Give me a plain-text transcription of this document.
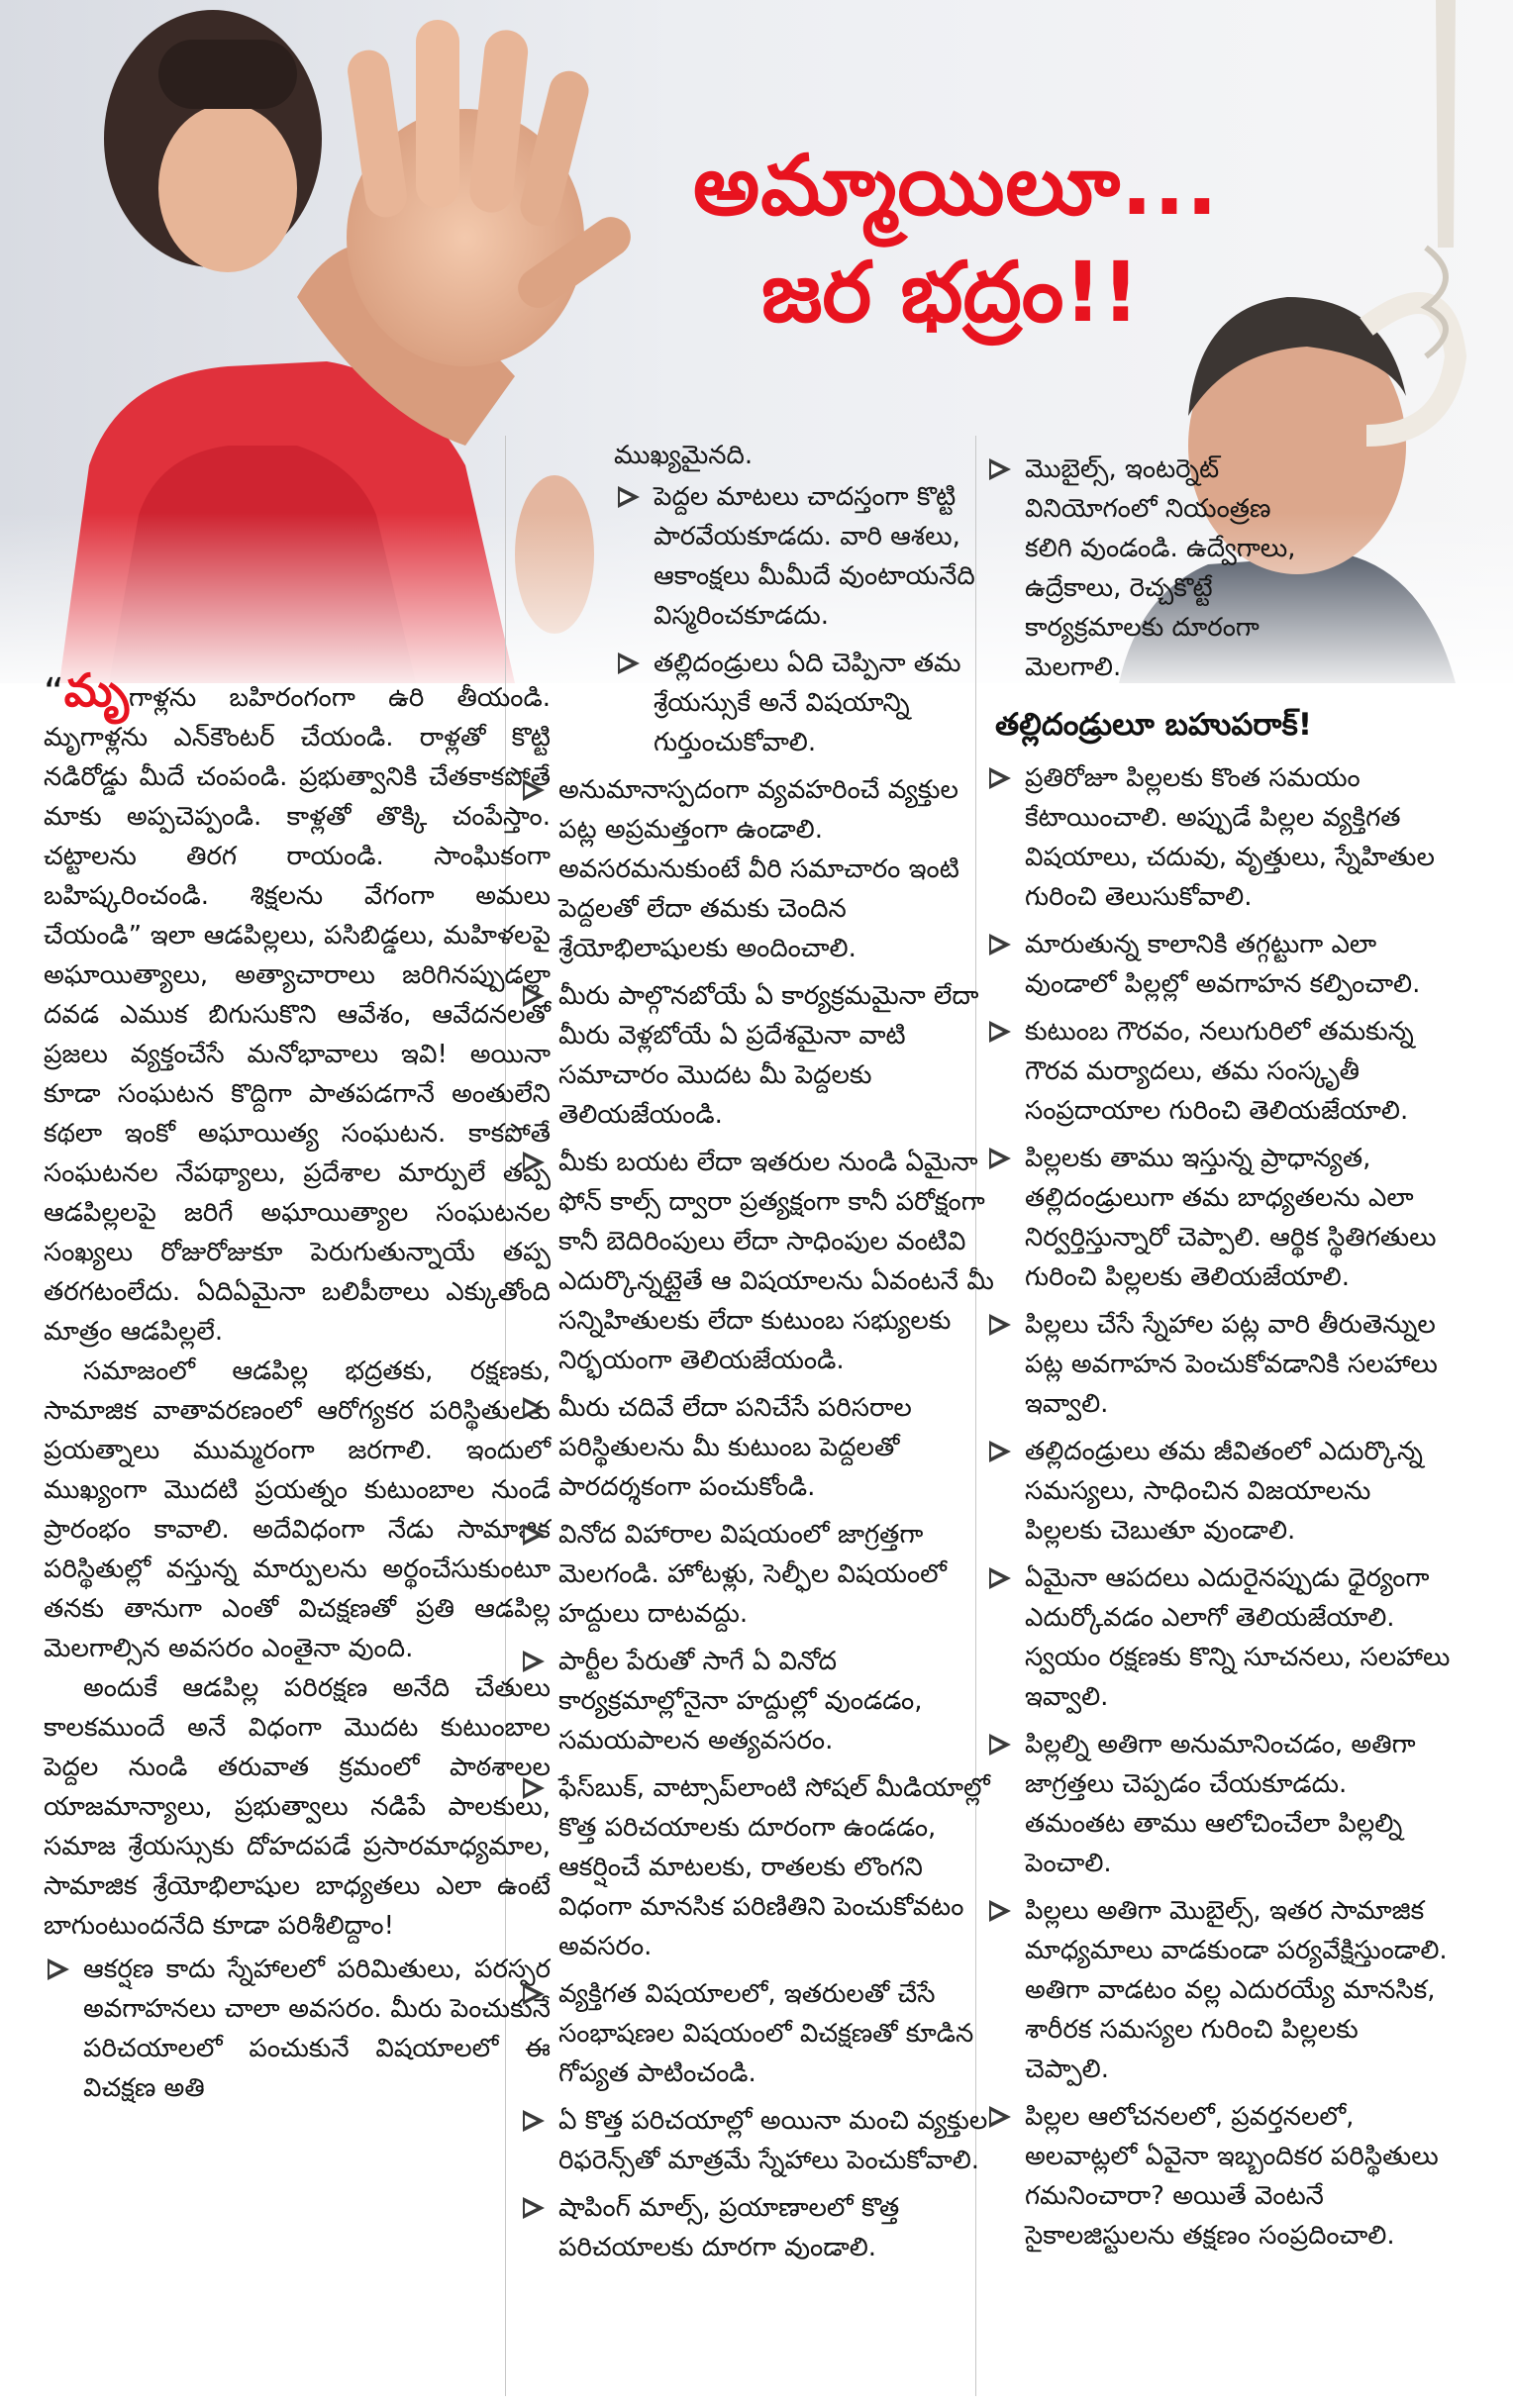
అమ్మాయిలూ...
జర భద్రం!!

“మృగాళ్లను బహిరంగంగా ఉరి తీయండి. మృగాళ్లను ఎన్‌కౌంటర్ చేయండి. రాళ్లతో కొట్టి నడిరోడ్డు మీదే చంపండి. ప్రభుత్వానికి చేతకాకపోతే మాకు అప్పచెప్పండి. కాళ్లతో తొక్కి చంపేస్తాం. చట్టాలను తిరగ రాయండి. సాంఘికంగా బహిష్కరించండి. శిక్షలను వేగంగా అమలు చేయండి” ఇలా ఆడపిల్లలు, పసిబిడ్డలు, మహిళలపై అఘాయిత్యాలు, అత్యాచారాలు జరిగినప్పుడల్లా దవడ ఎముక బిగుసుకొని ఆవేశం, ఆవేదనలతో ప్రజలు వ్యక్తంచేసే మనోభావాలు ఇవి! అయినా కూడా సంఘటన కొద్దిగా పాతపడగానే అంతులేని కథలా ఇంకో అఘాయిత్య సంఘటన. కాకపోతే సంఘటనల నేపథ్యాలు, ప్రదేశాల మార్పులే తప్ప ఆడపిల్లలపై జరిగే అఘాయిత్యాల సంఘటనల సంఖ్యలు రోజురోజుకూ పెరుగుతున్నాయే తప్ప తరగటంలేదు. ఏదిఏమైనా బలిపీఠాలు ఎక్కుతోంది మాత్రం ఆడపిల్లలే.

సమాజంలో ఆడపిల్ల భద్రతకు, రక్షణకు, సామాజిక వాతావరణంలో ఆరోగ్యకర పరిస్థితులకు ప్రయత్నాలు ముమ్మరంగా జరగాలి. ఇందులో ముఖ్యంగా మొదటి ప్రయత్నం కుటుంబాల నుండే ప్రారంభం కావాలి. అదేవిధంగా నేడు సామాజిక పరిస్థితుల్లో వస్తున్న మార్పులను అర్థంచేసుకుంటూ తనకు తానుగా ఎంతో విచక్షణతో ప్రతి ఆడపిల్ల మెలగాల్సిన అవసరం ఎంతైనా వుంది.

అందుకే ఆడపిల్ల పరిరక్షణ అనేది చేతులు కాలకముందే అనే విధంగా మొదట కుటుంబాల పెద్దల నుండి తరువాత క్రమంలో పాఠశాలల యాజమాన్యాలు, ప్రభుత్వాలు నడిపే పాలకులు, సమాజ శ్రేయస్సుకు దోహదపడే ప్రసారమాధ్యమాల, సామాజిక శ్రేయోభిలాషుల బాధ్యతలు ఎలా ఉంటే బాగుంటుందనేది కూడా పరిశీలిద్దాం!

ఆకర్షణ కాదు స్నేహాలలో పరిమితులు, పరస్పర అవగాహనలు చాలా అవసరం. మీరు పెంచుకునే పరిచయాలలో పంచుకునే విషయాలలో ఈ విచక్షణ అతి

ముఖ్యమైనది.

పెద్దల మాటలు చాదస్తంగా కొట్టి పారవేయకూడదు. వారి ఆశలు, ఆకాంక్షలు మీమీదే వుంటాయనేది విస్మరించకూడదు.
తల్లిదండ్రులు ఏది చెప్పినా తమ శ్రేయస్సుకే అనే విషయాన్ని గుర్తుంచుకోవాలి.
అనుమానాస్పదంగా వ్యవహరించే వ్యక్తుల పట్ల అప్రమత్తంగా ఉండాలి. అవసరమనుకుంటే వీరి సమాచారం ఇంటి పెద్దలతో లేదా తమకు చెందిన శ్రేయోభిలాషులకు అందించాలి.
మీరు పాల్గొనబోయే ఏ కార్యక్రమమైనా లేదా మీరు వెళ్లబోయే ఏ ప్రదేశమైనా వాటి సమాచారం మొదట మీ పెద్దలకు తెలియజేయండి.
మీకు బయట లేదా ఇతరుల నుండి ఏమైనా ఫోన్ కాల్స్ ద్వారా ప్రత్యక్షంగా కానీ పరోక్షంగా కానీ బెదిరింపులు లేదా సాధింపుల వంటివి ఎదుర్కొన్నట్లైతే ఆ విషయాలను ఏవంటనే మీ సన్నిహితులకు లేదా కుటుంబ సభ్యులకు నిర్భయంగా తెలియజేయండి.
మీరు చదివే లేదా పనిచేసే పరిసరాల పరిస్థితులను మీ కుటుంబ పెద్దలతో పారదర్శకంగా పంచుకోండి.
వినోద విహారాల విషయంలో జాగ్రత్తగా మెలగండి. హోటళ్లు, సెల్ఫీల విషయంలో హద్దులు దాటవద్దు.
పార్టీల పేరుతో సాగే ఏ వినోద కార్యక్రమాల్లోనైనా హద్దుల్లో వుండడం, సమయపాలన అత్యవసరం.
ఫేస్‌బుక్, వాట్సాప్‌లాంటి సోషల్ మీడియాల్లో కొత్త పరిచయాలకు దూరంగా ఉండడం, ఆకర్షించే మాటలకు, రాతలకు లొంగని విధంగా మానసిక పరిణితిని పెంచుకోవటం అవసరం.
వ్యక్తిగత విషయాలలో, ఇతరులతో చేసే సంభాషణల విషయంలో విచక్షణతో కూడిన గోప్యత పాటించండి.
ఏ కొత్త పరిచయాల్లో అయినా మంచి వ్యక్తుల రిఫరెన్స్‌తో మాత్రమే స్నేహాలు పెంచుకోవాలి.
షాపింగ్ మాల్స్, ప్రయాణాలలో కొత్త పరిచయాలకు దూరగా వుండాలి.
మొబైల్స్, ఇంటర్నెట్ వినియోగంలో నియంత్రణ కలిగి వుండండి. ఉద్వేగాలు, ఉద్రేకాలు, రెచ్చకొట్టే కార్యక్రమాలకు దూరంగా మెలగాలి.
తల్లిదండ్రులూ బహుపరాక్!
ప్రతిరోజూ పిల్లలకు కొంత సమయం కేటాయించాలి. అప్పుడే పిల్లల వ్యక్తిగత విషయాలు, చదువు, వృత్తులు, స్నేహితుల గురించి తెలుసుకోవాలి.
మారుతున్న కాలానికి తగ్గట్టుగా ఎలా వుండాలో పిల్లల్లో అవగాహన కల్పించాలి.
కుటుంబ గౌరవం, నలుగురిలో తమకున్న గౌరవ మర్యాదలు, తమ సంస్కృతీ సంప్రదాయాల గురించి తెలియజేయాలి.
పిల్లలకు తాము ఇస్తున్న ప్రాధాన్యత, తల్లిదండ్రులుగా తమ బాధ్యతలను ఎలా నిర్వర్తిస్తున్నారో చెప్పాలి. ఆర్థిక స్థితిగతులు గురించి పిల్లలకు తెలియజేయాలి.
పిల్లలు చేసే స్నేహాల పట్ల వారి తీరుతెన్నుల పట్ల అవగాహన పెంచుకోవడానికి సలహాలు ఇవ్వాలి.
తల్లిదండ్రులు తమ జీవితంలో ఎదుర్కొన్న సమస్యలు, సాధించిన విజయాలను పిల్లలకు చెబుతూ వుండాలి.
ఏమైనా ఆపదలు ఎదురైనప్పుడు ధైర్యంగా ఎదుర్కోవడం ఎలాగో తెలియజేయాలి. స్వయం రక్షణకు కొన్ని సూచనలు, సలహాలు ఇవ్వాలి.
పిల్లల్ని అతిగా అనుమానించడం, అతిగా జాగ్రత్తలు చెప్పడం చేయకూడదు. తమంతట తాము ఆలోచించేలా పిల్లల్ని పెంచాలి.
పిల్లలు అతిగా మొబైల్స్, ఇతర సామాజిక మాధ్యమాలు వాడకుండా పర్యవేక్షిస్తుండాలి. అతిగా వాడటం వల్ల ఎదురయ్యే మానసిక, శారీరక సమస్యల గురించి పిల్లలకు చెప్పాలి.
పిల్లల ఆలోచనలలో, ప్రవర్తనలలో, అలవాట్లలో ఏవైనా ఇబ్బందికర పరిస్థితులు గమనించారా? అయితే వెంటనే సైకాలజిస్టులను తక్షణం సంప్రదించాలి.
